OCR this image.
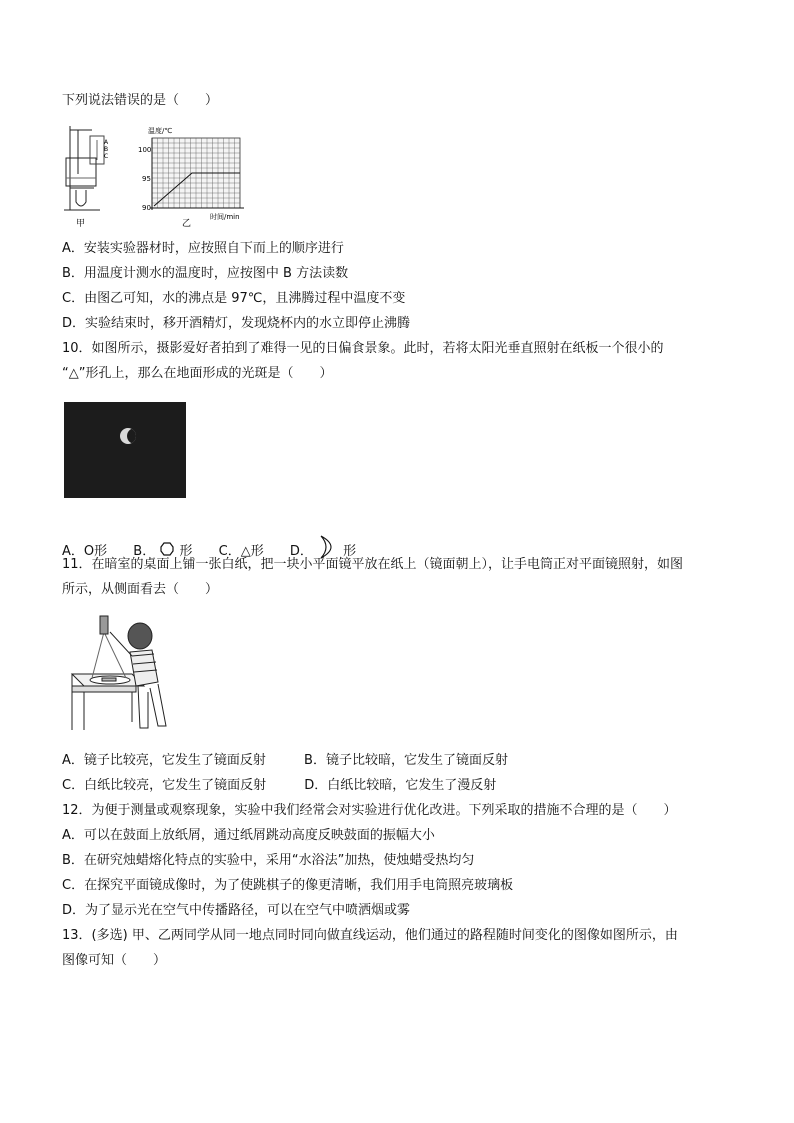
下列说法错误的是（　　）
A
B
C
甲
温度/℃
100
95
90
时间/min
乙
A．安装实验器材时，应按照自下而上的顺序进行
B．用温度计测水的温度时，应按图中 B 方法读数
C．由图乙可知，水的沸点是 97℃，且沸腾过程中温度不变
D．实验结束时，移开酒精灯，发现烧杯内的水立即停止沸腾
10．如图所示，摄影爱好者拍到了难得一见的日偏食景象。此时，若将太阳光垂直照射在纸板一个很小的
“△”形孔上，那么在地面形成的光斑是（　　）
A．O形 B． 形 C．△形 D． 形
11．在暗室的桌面上铺一张白纸，把一块小平面镜平放在纸上（镜面朝上），让手电筒正对平面镜照射，如图
所示，从侧面看去（　　）
A．镜子比较亮，它发生了镜面反射	B．镜子比较暗，它发生了镜面反射
C．白纸比较亮，它发生了镜面反射	D．白纸比较暗，它发生了漫反射
12．为便于测量或观察现象，实验中我们经常会对实验进行优化改进。下列采取的措施不合理的是（　　）
A．可以在鼓面上放纸屑，通过纸屑跳动高度反映鼓面的振幅大小
B．在研究烛蜡熔化特点的实验中，采用“水浴法”加热，使烛蜡受热均匀
C．在探究平面镜成像时，为了使跳棋子的像更清晰，我们用手电筒照亮玻璃板
D．为了显示光在空气中传播路径，可以在空气中喷洒烟或雾
13．(多选) 甲、乙两同学从同一地点同时同向做直线运动，他们通过的路程随时间变化的图像如图所示，由
图像可知（　　）
